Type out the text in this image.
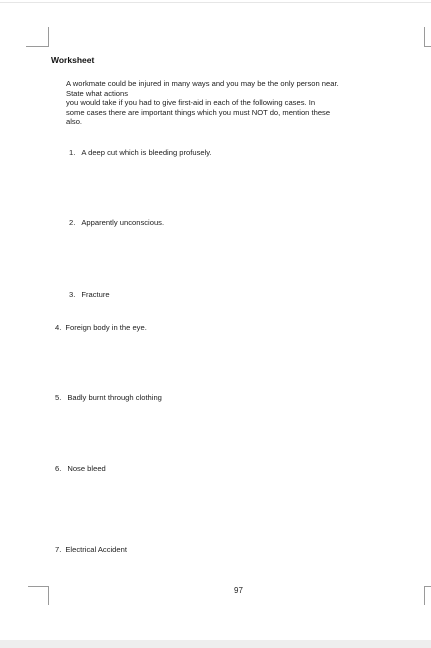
Worksheet

A workmate could be injured in many ways and you may be the only person near.

State what actions

you would take if you had to give first-aid in each of the following cases. In

some cases there are important things which you must NOT do, mention these

also.

1. A deep cut which is bleeding profusely.
2. Apparently unconscious.
3. Fracture
4. Foreign body in the eye.
5. Badly burnt through clothing
6. Nose bleed
7. Electrical Accident
97
